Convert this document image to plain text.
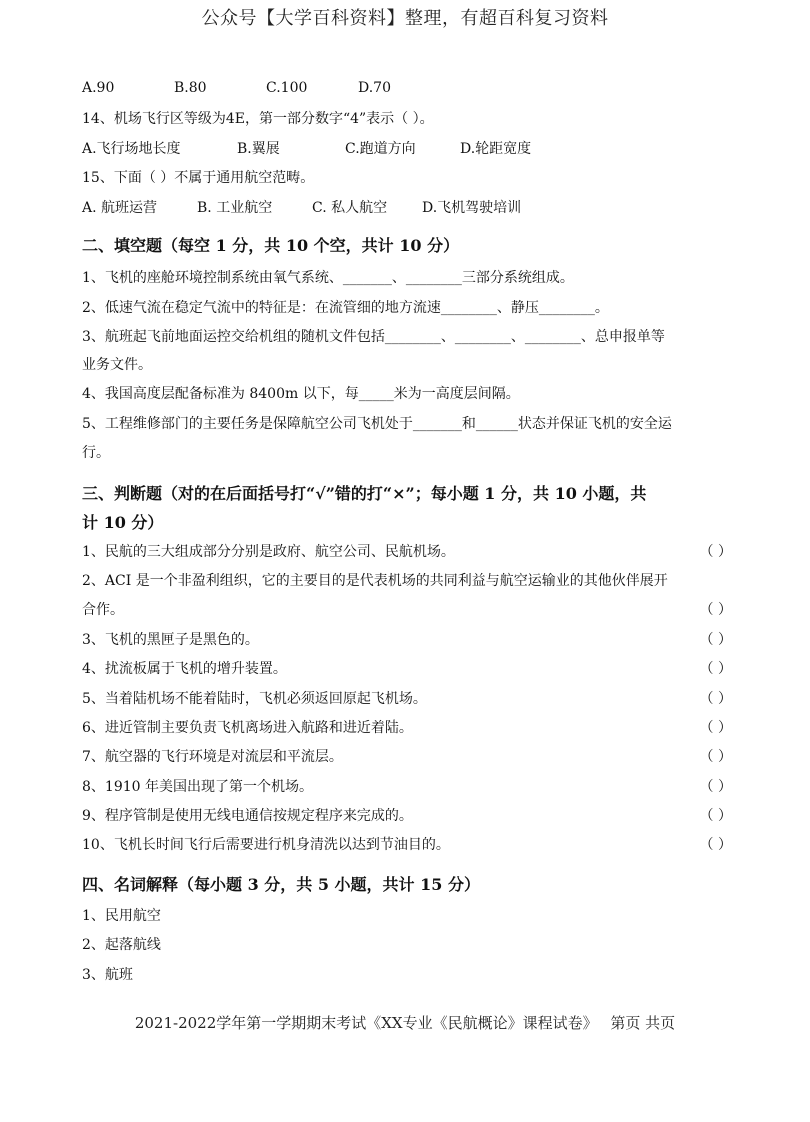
公众号【大学百科资料】整理，有超百科复习资料
A.90	B.80	C.100	D.70
14、机场飞行区等级为4E，第一部分数字“4”表示（ ）。
A.飞行场地长度	B.翼展	C.跑道方向	D.轮距宽度
15、下面（ ）不属于通用航空范畴。
A. 航班运营	B. 工业航空	C. 私人航空	D.飞机驾驶培训
二、填空题（每空 1 分，共 10 个空，共计 10 分）
1、飞机的座舱环境控制系统由氧气系统、_______、________三部分系统组成。
2、低速气流在稳定气流中的特征是：在流管细的地方流速________、静压________。
3、航班起飞前地面运控交给机组的随机文件包括________、________、________、总申报单等
业务文件。
4、我国高度层配备标准为 8400m 以下，每_____米为一高度层间隔。
5、工程维修部门的主要任务是保障航空公司飞机处于_______和______状态并保证飞机的安全运
行。
三、判断题（对的在后面括号打“√”错的打“×”；每小题 1 分，共 10 小题，共
计 10 分）
1、民航的三大组成部分分别是政府、航空公司、民航机场。	（ ）
2、ACI 是一个非盈利组织，它的主要目的是代表机场的共同利益与航空运输业的其他伙伴展开
合作。	（ ）
3、飞机的黑匣子是黑色的。	（ ）
4、扰流板属于飞机的增升装置。	（ ）
5、当着陆机场不能着陆时，飞机必须返回原起飞机场。	（ ）
6、进近管制主要负责飞机离场进入航路和进近着陆。	（ ）
7、航空器的飞行环境是对流层和平流层。	（ ）
8、1910 年美国出现了第一个机场。	（ ）
9、程序管制是使用无线电通信按规定程序来完成的。	（ ）
10、飞机长时间飞行后需要进行机身清洗以达到节油目的。	（ ）
四、名词解释（每小题 3 分，共 5 小题，共计 15 分）
1、民用航空
2、起落航线
3、航班
2021-2022学年第一学期期末考试《XX专业《民航概论》课程试卷》 第页 共页
